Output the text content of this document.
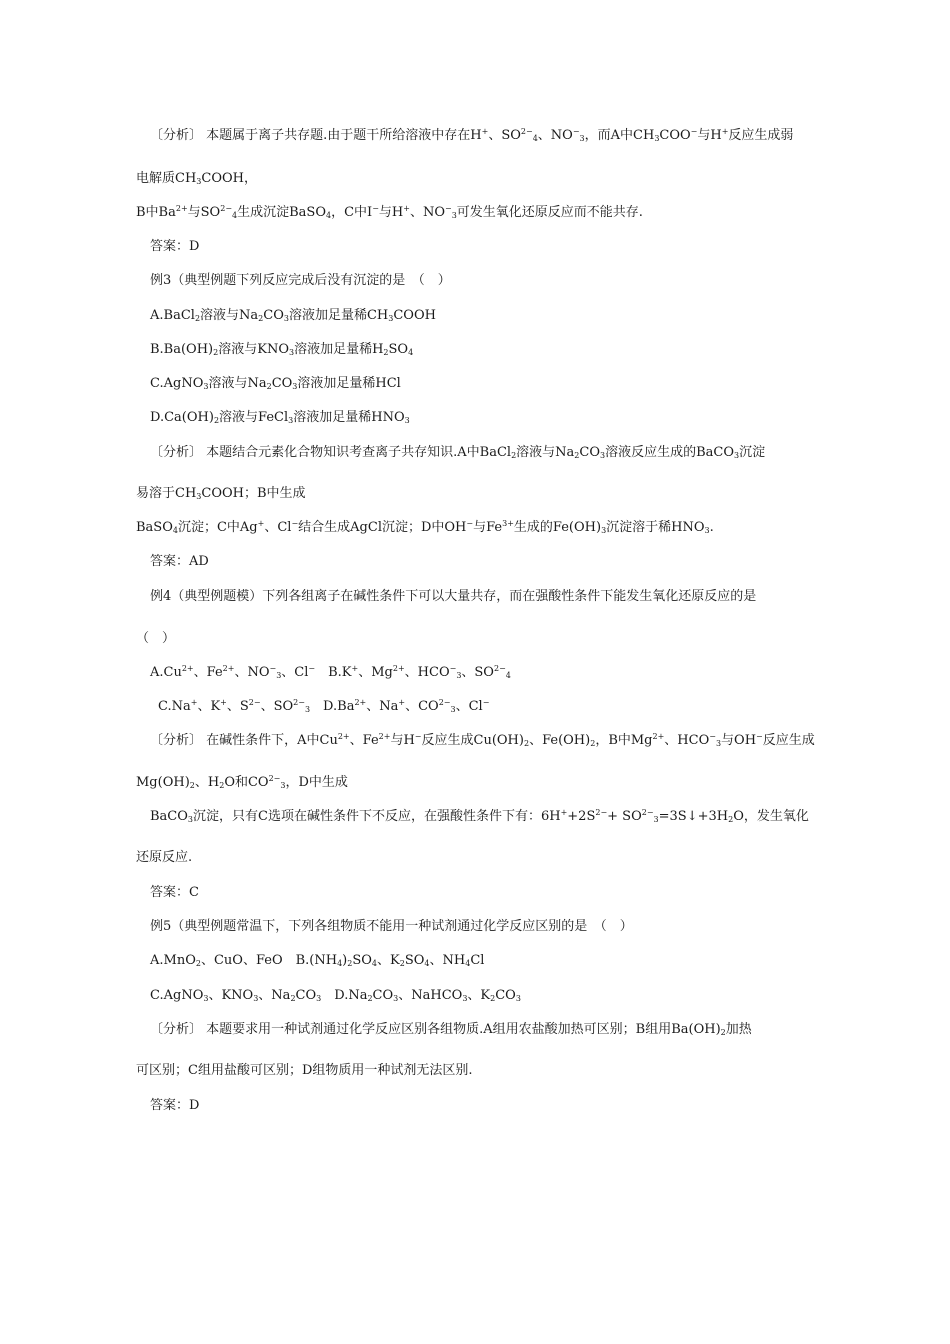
〔分析〕 本题属于离子共存题.由于题干所给溶液中存在H+、$SO^{2-}_4$、$NO^-_3$，而A中$CH_3COO^-$与H+反应生成弱
电解质$CH_3COOH$，
B中$Ba^{2+}$与$SO^{2-}_4$生成沉淀BaSO$_4$，C中I−与H+、$NO^-_3$可发生氧化还原反应而不能共存.
答案：D
例3（典型例题下列反应完成后没有沉淀的是　（　）
A.BaCl$_2$溶液与$Na_2CO_3$溶液加足量稀$CH_3COOH$
$B.Ba(OH)_2$溶液与$KNO_3$溶液加足量稀$H_2SO_4$
C.AgNO$_3$溶液与$Na_2CO_3$溶液加足量稀HCl
$D.Ca(OH)_2$溶液与FeCl$_3$溶液加足量稀$HNO_3$
〔分析〕 本题结合元素化合物知识考查离子共存知识.A中BaCl$_2$溶液与$Na_2CO_3$溶液反应生成的BaCO$_3$沉淀
易溶于$CH_3COOH$；B中生成
BaSO$_4$沉淀；C中Ag+、Cl−结合生成AgCl沉淀；D中OH−与$Fe^{3+}$生成的$Fe(OH)_3$沉淀溶于稀$HNO_3$.
答案：AD
例4（典型例题模）下列各组离子在碱性条件下可以大量共存，而在强酸性条件下能发生氧化还原反应的是
（　）
$A.Cu^{2+}$、$Fe^{2+}$、$NO^-_3$、Cl−　B.K+、$Mg^{2+}$、$HCO^-_3$、$SO^{2-}_4$
C.Na+、K+、$S^{2-}$、$SO^{2-}_3$　$D.Ba^{2+}$、Na+、$CO^{2-}_3$、Cl−
〔分析〕 在碱性条件下，A中$Cu^{2+}$、$Fe^{2+}$与H−反应生成$Cu(OH)_2$、$Fe(OH)_2$，B中$Mg^{2+}$、$HCO^-_3$与OH−反应生成
$Mg(OH)_2$、$H_2O$和$CO^{2-}_3$，D中生成
BaCO$_3$沉淀，只有C选项在碱性条件下不反应，在强酸性条件下有：$6H^++2S^{2-}+$ $SO^{2-}_3=3S↓+3H_2O$，发生氧化
还原反应.
答案：C
例5（典型例题常温下，下列各组物质不能用一种试剂通过化学反应区别的是　（　）
A.MnO$_2$、CuO、FeO　$B.(NH_4)_2SO_4$、$K_2SO_4$、$NH_4Cl$
C.AgNO$_3$、$KNO_3$、$Na_2CO_3$　$D.Na_2CO_3$、NaHCO$_3$、$K_2CO_3$
〔分析〕 本题要求用一种试剂通过化学反应区别各组物质.A组用农盐酸加热可区别；B组用$Ba(OH)_2$加热
可区别；C组用盐酸可区别；D组物质用一种试剂无法区别.
答案：D
